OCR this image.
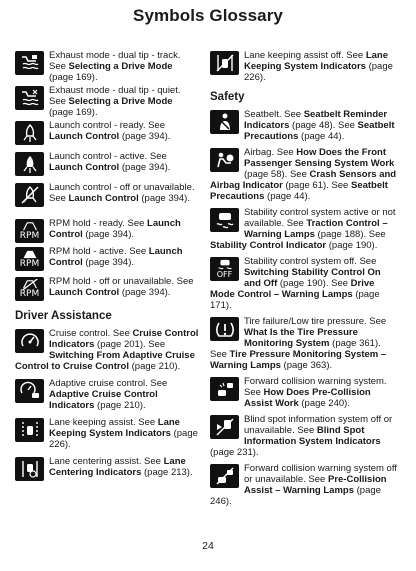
Symbols Glossary
Exhaust mode - dual tip - track. See Selecting a Drive Mode (page 169).
Exhaust mode - dual tip - quiet. See Selecting a Drive Mode (page 169).
Launch control - ready. See Launch Control (page 394).
Launch control - active. See Launch Control (page 394).
Launch control - off or unavailable. See Launch Control (page 394).
RPM
RPM hold - ready. See Launch Control (page 394).
RPM
RPM hold - active. See Launch Control (page 394).
RPM
RPM hold - off or unavailable. See Launch Control (page 394).
Driver Assistance
Cruise control. See Cruise Control Indicators (page 201). See Switching From Adaptive Cruise Control to Cruise Control (page 210).
Adaptive cruise control. See Adaptive Cruise Control Indicators (page 210).
Lane keeping assist. See Lane Keeping System Indicators (page 226).
Lane centering assist. See Lane Centering Indicators (page 213).
Lane keeping assist off. See Lane Keeping System Indicators (page 226).
Safety
Seatbelt. See Seatbelt Reminder Indicators (page 48). See Seatbelt Precautions (page 44).
Airbag. See How Does the Front Passenger Sensing System Work (page 58). See Crash Sensors and Airbag Indicator (page 61). See Seatbelt Precautions (page 44).
Stability control system active or not available. See Traction Control – Warning Lamps (page 188). See Stability Control Indicator (page 190).
OFF
Stability control system off. See Switching Stability Control On and Off (page 190). See Drive Mode Control – Warning Lamps (page 171).
Tire failure/Low tire pressure. See What Is the Tire Pressure Monitoring System (page 361). See Tire Pressure Monitoring System – Warning Lamps (page 363).
Forward collision warning system. See How Does Pre-Collision Assist Work (page 240).
Blind spot information system off or unavailable. See Blind Spot Information System Indicators (page 231).
Forward collision warning system off or unavailable. See Pre-Collision Assist – Warning Lamps (page 246).
24
